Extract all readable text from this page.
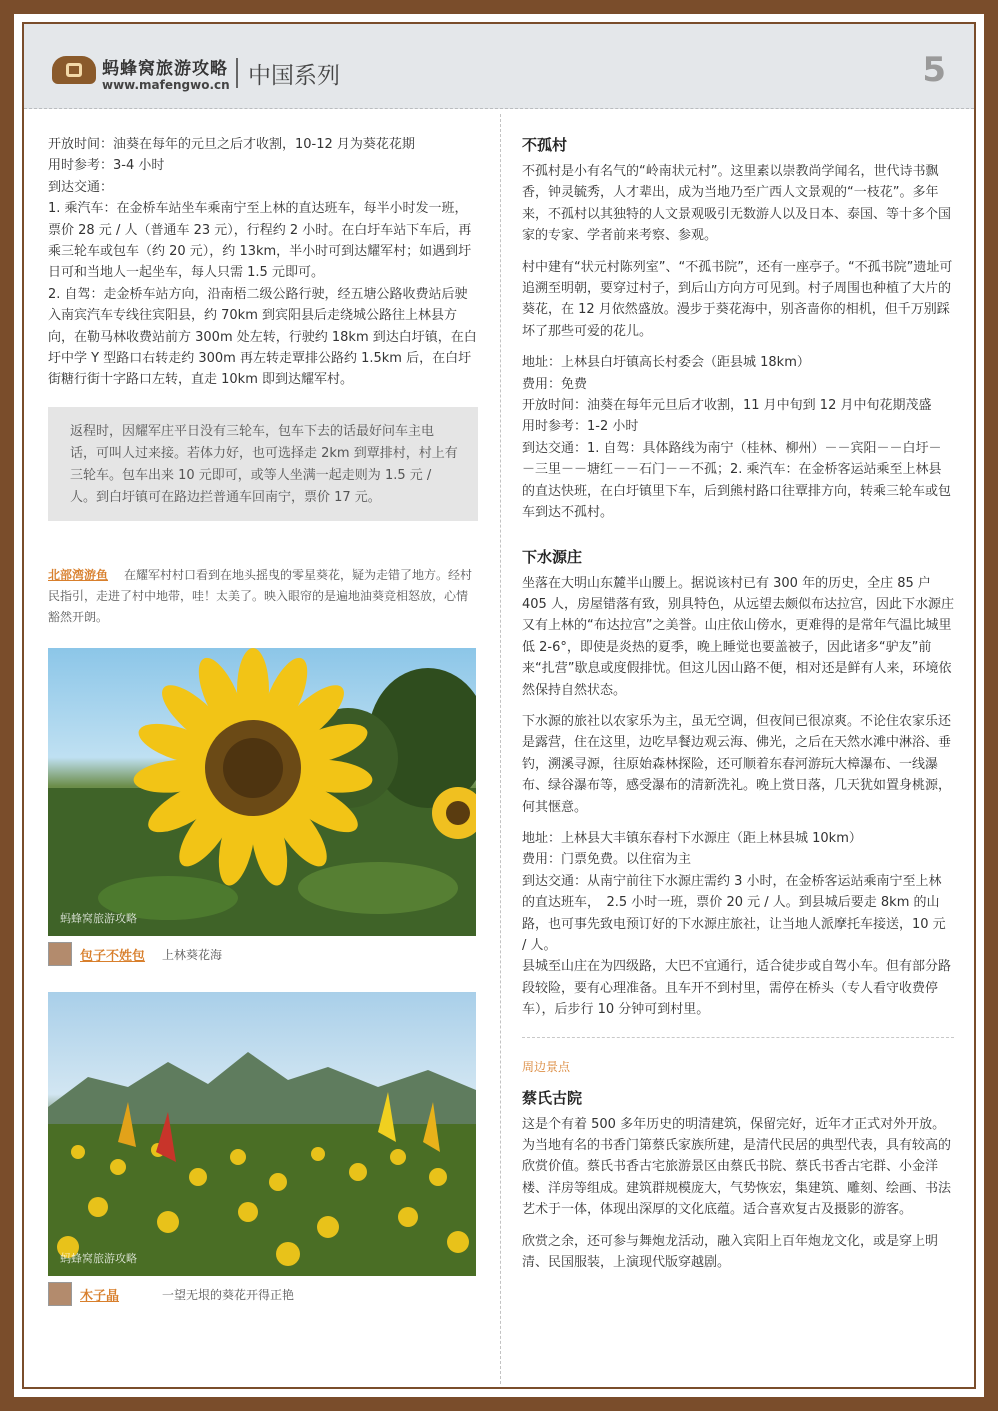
蚂蜂窝旅游攻略
www.mafengwo.cn 中国系列	5

开放时间：油葵在每年的元旦之后才收割，10-12 月为葵花花期

用时参考：3-4 小时

到达交通：

1. 乘汽车：在金桥车站坐车乘南宁至上林的直达班车，每半小时发一班，票价 28 元 / 人（普通车 23 元），行程约 2 小时。在白圩车站下车后，再乘三轮车或包车（约 20 元），约 13km，半小时可到达耀军村；如遇到圩日可和当地人一起坐车，每人只需 1.5 元即可。

2. 自驾：走金桥车站方向，沿南梧二级公路行驶，经五塘公路收费站后驶入南宾汽车专线往宾阳县，约 70km 到宾阳县后走绕城公路往上林县方向，在勒马林收费站前方 300m 处左转，行驶约 18km 到达白圩镇，在白圩中学 Y 型路口右转走约 300m 再左转走覃排公路约 1.5km 后，在白圩街糖行街十字路口左转，直走 10km 即到达耀军村。

返程时，因耀军庄平日没有三轮车，包车下去的话最好问车主电话，可叫人过来接。若体力好，也可选择走 2km 到覃排村，村上有三轮车。包车出来 10 元即可，或等人坐满一起走则为 1.5 元 / 人。到白圩镇可在路边拦普通车回南宁，票价 17 元。

北部湾游鱼 在耀军村村口看到在地头摇曳的零星葵花，疑为走错了地方。经村民指引，走进了村中地带，哇！太美了。映入眼帘的是遍地油葵竞相怒放，心情豁然开朗。

蚂蜂窝旅游攻略
包子不姓包 上林葵花海
蚂蜂窝旅游攻略
木子晶	一望无垠的葵花开得正艳

不孤村

不孤村是小有名气的“岭南状元村”。这里素以崇教尚学闻名，世代诗书飘香，钟灵毓秀，人才辈出，成为当地乃至广西人文景观的“一枝花”。多年来，不孤村以其独特的人文景观吸引无数游人以及日本、泰国、等十多个国家的专家、学者前来考察、参观。

村中建有“状元村陈列室”、“不孤书院”，还有一座亭子。“不孤书院”遗址可追溯至明朝，要穿过村子，到后山方向方可见到。村子周围也种植了大片的葵花，在 12 月依然盛放。漫步于葵花海中，别吝啬你的相机，但千万别踩坏了那些可爱的花儿。

地址：上林县白圩镇高长村委会（距县城 18km）

费用：免费

开放时间：油葵在每年元旦后才收割，11 月中旬到 12 月中旬花期茂盛

用时参考：1-2 小时

到达交通：1. 自驾：具体路线为南宁（桂林、柳州）－－宾阳－－白圩－－三里－－塘红－－石门－－不孤；2. 乘汽车：在金桥客运站乘至上林县的直达快班，在白圩镇里下车，后到熊村路口往覃排方向，转乘三轮车或包车到达不孤村。

下水源庄

坐落在大明山东麓半山腰上。据说该村已有 300 年的历史，全庄 85 户 405 人，房屋错落有致，别具特色，从远望去颇似布达拉宫，因此下水源庄又有上林的“布达拉宫”之美誉。山庄依山傍水，更难得的是常年气温比城里低 2-6°，即使是炎热的夏季，晚上睡觉也要盖被子，因此诸多“驴友”前来“扎营”歇息或度假排忧。但这儿因山路不便，相对还是鲜有人来，环境依然保持自然状态。

下水源的旅社以农家乐为主，虽无空调，但夜间已很凉爽。不论住农家乐还是露营，住在这里，边吃早餐边观云海、佛光，之后在天然水滩中淋浴、垂钓，溯溪寻源，往原始森林探险，还可顺着东春河游玩大樟瀑布、一线瀑布、绿谷瀑布等，感受瀑布的清新洗礼。晚上赏日落，几天犹如置身桃源，何其惬意。

地址：上林县大丰镇东春村下水源庄（距上林县城 10km）

费用：门票免费。以住宿为主

到达交通：从南宁前往下水源庄需约 3 小时，在金桥客运站乘南宁至上林的直达班车，　2.5 小时一班，票价 20 元 / 人。到县城后要走 8km 的山路，也可事先致电预订好的下水源庄旅社，让当地人派摩托车接送，10 元 / 人。

县城至山庄在为四级路，大巴不宜通行，适合徒步或自驾小车。但有部分路段较险，要有心理准备。且车开不到村里，需停在桥头（专人看守收费停车），后步行 10 分钟可到村里。

周边景点

蔡氏古院

这是个有着 500 多年历史的明清建筑，保留完好，近年才正式对外开放。为当地有名的书香门第蔡氏家族所建，是清代民居的典型代表，具有较高的欣赏价值。蔡氏书香古宅旅游景区由蔡氏书院、蔡氏书香古宅群、小金洋楼、洋房等组成。建筑群规模庞大，气势恢宏，集建筑、雕刻、绘画、书法艺术于一体，体现出深厚的文化底蕴。适合喜欢复古及摄影的游客。

欣赏之余，还可参与舞炮龙活动，融入宾阳上百年炮龙文化，或是穿上明清、民国服装，上演现代版穿越剧。
